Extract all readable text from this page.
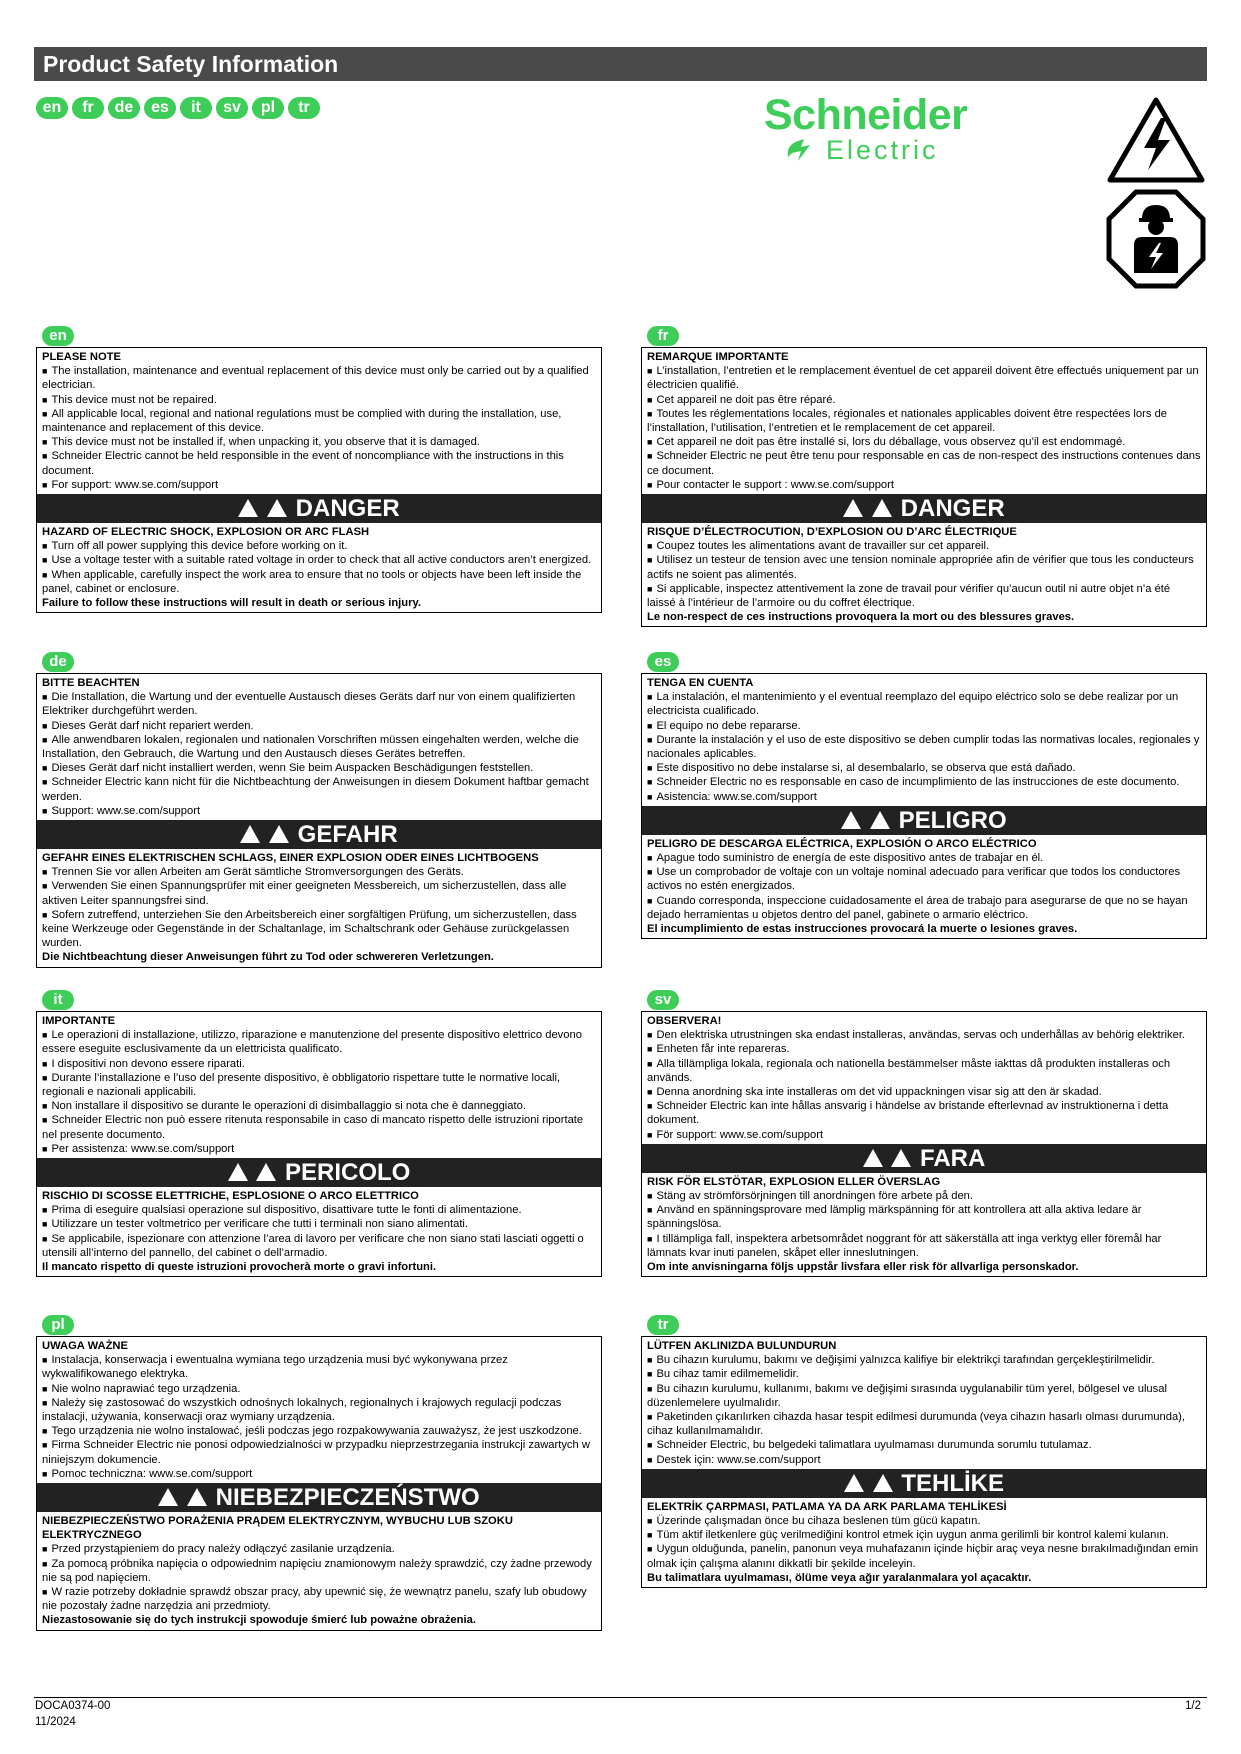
Product Safety Information
en	fr	de	es	it	sv	pl	tr	Schneider
Electric
en
PLEASE NOTE
■ The installation, maintenance and eventual replacement of this device must only be carried out by a qualified electrician.
■ This device must not be repaired.
■ All applicable local, regional and national regulations must be complied with during the installation, use, maintenance and replacement of this device.
■ This device must not be installed if, when unpacking it, you observe that it is damaged.
■ Schneider Electric cannot be held responsible in the event of noncompliance with the instructions in this document.
■ For support: www.se.com/support
DANGER
HAZARD OF ELECTRIC SHOCK, EXPLOSION OR ARC FLASH
■ Turn off all power supplying this device before working on it.
■ Use a voltage tester with a suitable rated voltage in order to check that all active conductors aren’t energized.
■ When applicable, carefully inspect the work area to ensure that no tools or objects have been left inside the panel, cabinet or enclosure.
Failure to follow these instructions will result in death or serious injury.
fr
REMARQUE IMPORTANTE
■ L’installation, l’entretien et le remplacement éventuel de cet appareil doivent être effectués uniquement par un électricien qualifié.
■ Cet appareil ne doit pas être réparé.
■ Toutes les réglementations locales, régionales et nationales applicables doivent être respectées lors de l’installation, l’utilisation, l’entretien et le remplacement de cet appareil.
■ Cet appareil ne doit pas être installé si, lors du déballage, vous observez qu’il est endommagé.
■ Schneider Electric ne peut être tenu pour responsable en cas de non-respect des instructions contenues dans ce document.
■ Pour contacter le support : www.se.com/support
DANGER
RISQUE D’ÉLECTROCUTION, D’EXPLOSION OU D’ARC ÉLECTRIQUE
■ Coupez toutes les alimentations avant de travailler sur cet appareil.
■ Utilisez un testeur de tension avec une tension nominale appropriée afin de vérifier que tous les conducteurs actifs ne soient pas alimentés.
■ Si applicable, inspectez attentivement la zone de travail pour vérifier qu’aucun outil ni autre objet n’a été laissé à l’intérieur de l’armoire ou du coffret électrique.
Le non-respect de ces instructions provoquera la mort ou des blessures graves.
de
BITTE BEACHTEN
■ Die Installation, die Wartung und der eventuelle Austausch dieses Geräts darf nur von einem qualifizierten Elektriker durchgeführt werden.
■ Dieses Gerät darf nicht repariert werden.
■ Alle anwendbaren lokalen, regionalen und nationalen Vorschriften müssen eingehalten werden, welche die Installation, den Gebrauch, die Wartung und den Austausch dieses Gerätes betreffen.
■ Dieses Gerät darf nicht installiert werden, wenn Sie beim Auspacken Beschädigungen feststellen.
■ Schneider Electric kann nicht für die Nichtbeachtung der Anweisungen in diesem Dokument haftbar gemacht werden.
■ Support: www.se.com/support
GEFAHR
GEFAHR EINES ELEKTRISCHEN SCHLAGS, EINER EXPLOSION ODER EINES LICHTBOGENS
■ Trennen Sie vor allen Arbeiten am Gerät sämtliche Stromversorgungen des Geräts.
■ Verwenden Sie einen Spannungsprüfer mit einer geeigneten Messbereich, um sicherzustellen, dass alle aktiven Leiter spannungsfrei sind.
■ Sofern zutreffend, unterziehen Sie den Arbeitsbereich einer sorgfältigen Prüfung, um sicherzustellen, dass keine Werkzeuge oder Gegenstände in der Schaltanlage, im Schaltschrank oder Gehäuse zurückgelassen wurden.
Die Nichtbeachtung dieser Anweisungen führt zu Tod oder schwereren Verletzungen.
es
TENGA EN CUENTA
■ La instalación, el mantenimiento y el eventual reemplazo del equipo eléctrico solo se debe realizar por un electricista cualificado.
■ El equipo no debe repararse.
■ Durante la instalación y el uso de este dispositivo se deben cumplir todas las normativas locales, regionales y nacionales aplicables.
■ Este dispositivo no debe instalarse si, al desembalarlo, se observa que está dañado.
■ Schneider Electric no es responsable en caso de incumplimiento de las instrucciones de este documento.
■ Asistencia: www.se.com/support
PELIGRO
PELIGRO DE DESCARGA ELÉCTRICA, EXPLOSIÓN O ARCO ELÉCTRICO
■ Apague todo suministro de energía de este dispositivo antes de trabajar en él.
■ Use un comprobador de voltaje con un voltaje nominal adecuado para verificar que todos los conductores activos no estén energizados.
■ Cuando corresponda, inspeccione cuidadosamente el área de trabajo para asegurarse de que no se hayan dejado herramientas u objetos dentro del panel, gabinete o armario eléctrico.
El incumplimiento de estas instrucciones provocará la muerte o lesiones graves.
it
IMPORTANTE
■ Le operazioni di installazione, utilizzo, riparazione e manutenzione del presente dispositivo elettrico devono essere eseguite esclusivamente da un elettricista qualificato.
■ I dispositivi non devono essere riparati.
■ Durante l’installazione e l’uso del presente dispositivo, è obbligatorio rispettare tutte le normative locali, regionali e nazionali applicabili.
■ Non installare il dispositivo se durante le operazioni di disimballaggio si nota che è danneggiato.
■ Schneider Electric non può essere ritenuta responsabile in caso di mancato rispetto delle istruzioni riportate nel presente documento.
■ Per assistenza: www.se.com/support
PERICOLO
RISCHIO DI SCOSSE ELETTRICHE, ESPLOSIONE O ARCO ELETTRICO
■ Prima di eseguire qualsiasi operazione sul dispositivo, disattivare tutte le fonti di alimentazione.
■ Utilizzare un tester voltmetrico per verificare che tutti i terminali non siano alimentati.
■ Se applicabile, ispezionare con attenzione l’area di lavoro per verificare che non siano stati lasciati oggetti o utensili all’interno del pannello, del cabinet o dell’armadio.
Il mancato rispetto di queste istruzioni provocherà morte o gravi infortuni.
sv
OBSERVERA!
■ Den elektriska utrustningen ska endast installeras, användas, servas och underhållas av behörig elektriker.
■ Enheten får inte repareras.
■ Alla tillämpliga lokala, regionala och nationella bestämmelser måste iakttas då produkten installeras och används.
■ Denna anordning ska inte installeras om det vid uppackningen visar sig att den är skadad.
■ Schneider Electric kan inte hållas ansvarig i händelse av bristande efterlevnad av instruktionerna i detta dokument.
■ För support: www.se.com/support
FARA
RISK FÖR ELSTÖTAR, EXPLOSION ELLER ÖVERSLAG
■ Stäng av strömförsörjningen till anordningen före arbete på den.
■ Använd en spänningsprovare med lämplig märkspänning för att kontrollera att alla aktiva ledare är spänningslösa.
■ I tillämpliga fall, inspektera arbetsområdet noggrant för att säkerställa att inga verktyg eller föremål har lämnats kvar inuti panelen, skåpet eller inneslutningen.
Om inte anvisningarna följs uppstår livsfara eller risk för allvarliga personskador.
pl
UWAGA WAŻNE
■ Instalacja, konserwacja i ewentualna wymiana tego urządzenia musi być wykonywana przez wykwalifikowanego elektryka.
■ Nie wolno naprawiać tego urządzenia.
■ Należy się zastosować do wszystkich odnośnych lokalnych, regionalnych i krajowych regulacji podczas instalacji, używania, konserwacji oraz wymiany urządzenia.
■ Tego urządzenia nie wolno instalować, jeśli podczas jego rozpakowywania zauważysz, że jest uszkodzone.
■ Firma Schneider Electric nie ponosi odpowiedzialności w przypadku nieprzestrzegania instrukcji zawartych w niniejszym dokumencie.
■ Pomoc techniczna: www.se.com/support
NIEBEZPIECZEŃSTWO
NIEBEZPIECZEŃSTWO PORAŻENIA PRĄDEM ELEKTRYCZNYM, WYBUCHU LUB SZOKU ELEKTRYCZNEGO
■ Przed przystąpieniem do pracy należy odłączyć zasilanie urządzenia.
■ Za pomocą próbnika napięcia o odpowiednim napięciu znamionowym należy sprawdzić, czy żadne przewody nie są pod napięciem.
■ W razie potrzeby dokładnie sprawdź obszar pracy, aby upewnić się, że wewnątrz panelu, szafy lub obudowy nie pozostały żadne narzędzia ani przedmioty.
Niezastosowanie się do tych instrukcji spowoduje śmierć lub poważne obrażenia.
tr
LÜTFEN AKLINIZDA BULUNDURUN
■ Bu cihazın kurulumu, bakımı ve değişimi yalnızca kalifiye bir elektrikçi tarafından gerçekleştirilmelidir.
■ Bu cihaz tamir edilmemelidir.
■ Bu cihazın kurulumu, kullanımı, bakımı ve değişimi sırasında uygulanabilir tüm yerel, bölgesel ve ulusal düzenlemelere uyulmalıdır.
■ Paketinden çıkarılırken cihazda hasar tespit edilmesi durumunda (veya cihazın hasarlı olması durumunda), cihaz kullanılmamalıdır.
■ Schneider Electric, bu belgedeki talimatlara uyulmaması durumunda sorumlu tutulamaz.
■ Destek için: www.se.com/support
TEHLİKE
ELEKTRİK ÇARPMASI, PATLAMA YA DA ARK PARLAMA TEHLİKESİ
■ Üzerinde çalışmadan önce bu cihaza beslenen tüm gücü kapatın.
■ Tüm aktif iletkenlere güç verilmediğini kontrol etmek için uygun anma gerilimli bir kontrol kalemi kulanın.
■ Uygun olduğunda, panelin, panonun veya muhafazanın içinde hiçbir araç veya nesne bırakılmadığından emin olmak için çalışma alanını dikkatli bir şekilde inceleyin.
Bu talimatlara uyulmaması, ölüme veya ağır yaralanmalara yol açacaktır.
DOCA0374-00
11/2024
1/2
